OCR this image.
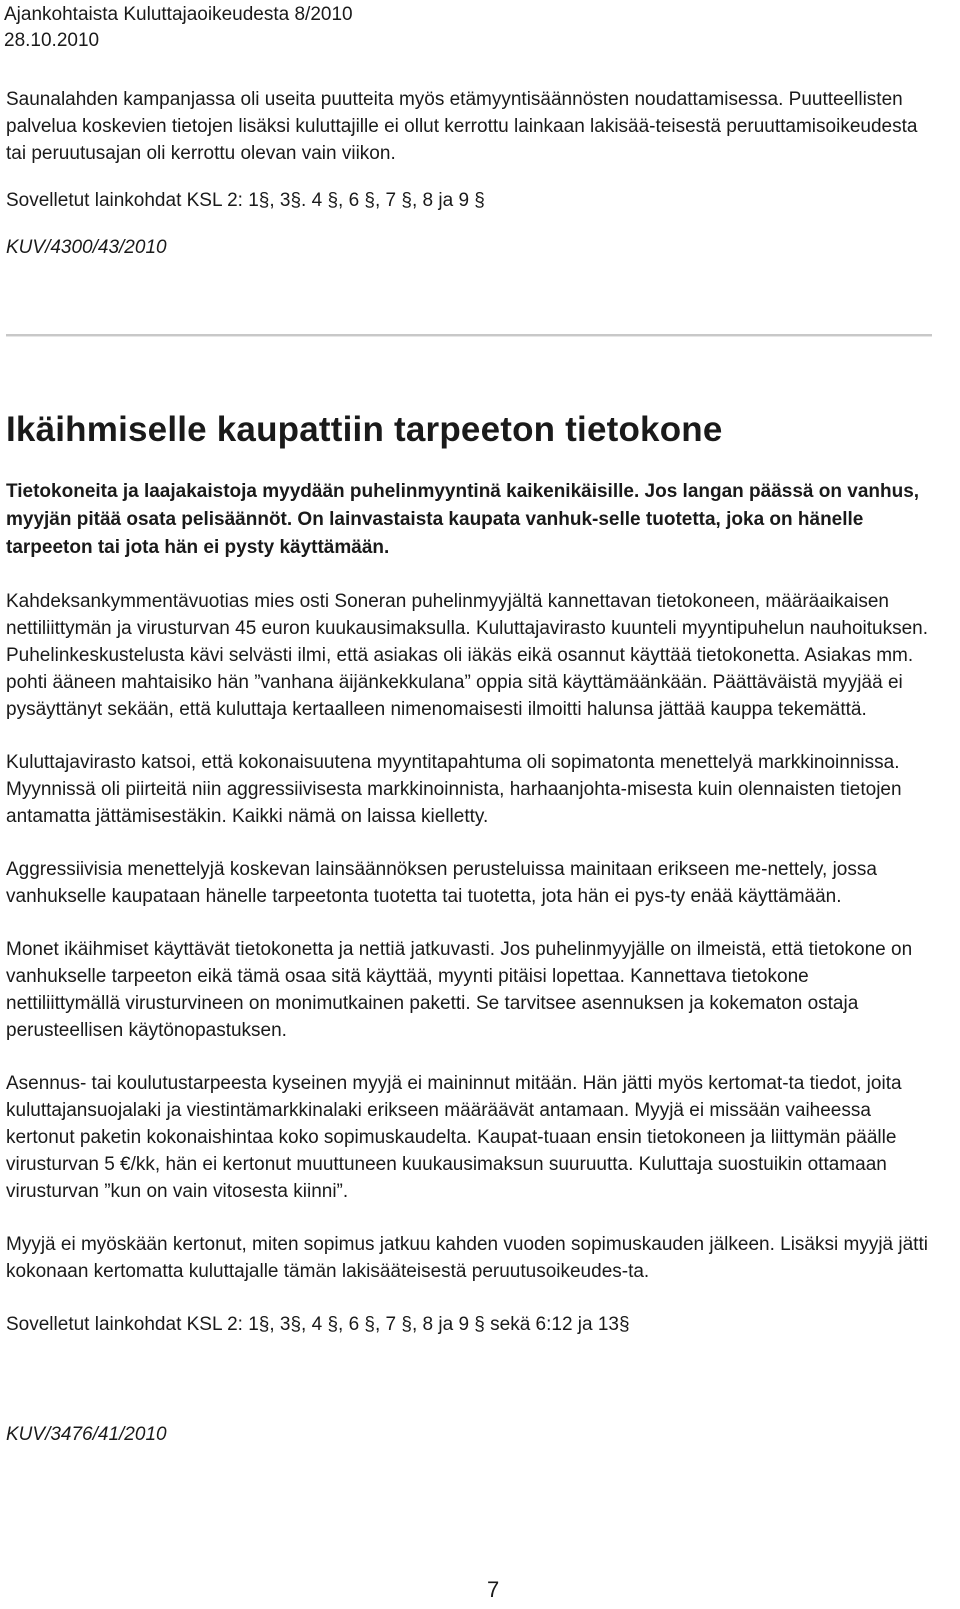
Ajankohtaista Kuluttajaoikeudesta 8/2010
28.10.2010

Saunalahden kampanjassa oli useita puutteita myös etämyyntisäännösten noudattamisessa. Puutteellisten palvelua koskevien tietojen lisäksi kuluttajille ei ollut kerrottu lainkaan lakisää-teisestä peruuttamisoikeudesta tai peruutusajan oli kerrottu olevan vain viikon.

Sovelletut lainkohdat KSL 2: 1§, 3§. 4 §, 6 §, 7 §, 8 ja 9 §

KUV/4300/43/2010

Ikäihmiselle kaupattiin tarpeeton tietokone

Tietokoneita ja laajakaistoja myydään puhelinmyyntinä kaikenikäisille. Jos langan päässä on vanhus, myyjän pitää osata pelisäännöt. On lainvastaista kaupata vanhuk-selle tuotetta, joka on hänelle tarpeeton tai jota hän ei pysty käyttämään.

Kahdeksankymmentävuotias mies osti Soneran puhelinmyyjältä kannettavan tietokoneen, määräaikaisen nettiliittymän ja virusturvan 45 euron kuukausimaksulla. Kuluttajavirasto kuunteli myyntipuhelun nauhoituksen. Puhelinkeskustelusta kävi selvästi ilmi, että asiakas oli iäkäs eikä osannut käyttää tietokonetta. Asiakas mm. pohti ääneen mahtaisiko hän ”vanhana äijänkekkulana” oppia sitä käyttämäänkään. Päättäväistä myyjää ei pysäyttänyt sekään, että kuluttaja kertaalleen nimenomaisesti ilmoitti halunsa jättää kauppa tekemättä.

Kuluttajavirasto katsoi, että kokonaisuutena myyntitapahtuma oli sopimatonta menettelyä markkinoinnissa. Myynnissä oli piirteitä niin aggressiivisesta markkinoinnista, harhaanjohta-misesta kuin olennaisten tietojen antamatta jättämisestäkin. Kaikki nämä on laissa kielletty.

Aggressiivisia menettelyjä koskevan lainsäännöksen perusteluissa mainitaan erikseen me-nettely, jossa vanhukselle kaupataan hänelle tarpeetonta tuotetta tai tuotetta, jota hän ei pys-ty enää käyttämään.

Monet ikäihmiset käyttävät tietokonetta ja nettiä jatkuvasti. Jos puhelinmyyjälle on ilmeistä, että tietokone on vanhukselle tarpeeton eikä tämä osaa sitä käyttää, myynti pitäisi lopettaa. Kannettava tietokone nettiliittymällä virusturvineen on monimutkainen paketti. Se tarvitsee asennuksen ja kokematon ostaja perusteellisen käytönopastuksen.

Asennus- tai koulutustarpeesta kyseinen myyjä ei maininnut mitään. Hän jätti myös kertomat-ta tiedot, joita kuluttajansuojalaki ja viestintämarkkinalaki erikseen määräävät antamaan. Myyjä ei missään vaiheessa kertonut paketin kokonaishintaa koko sopimuskaudelta. Kaupat-tuaan ensin tietokoneen ja liittymän päälle virusturvan 5 €/kk, hän ei kertonut muuttuneen kuukausimaksun suuruutta. Kuluttaja suostuikin ottamaan virusturvan ”kun on vain vitosesta kiinni”.

Myyjä ei myöskään kertonut, miten sopimus jatkuu kahden vuoden sopimuskauden jälkeen. Lisäksi myyjä jätti kokonaan kertomatta kuluttajalle tämän lakisääteisestä peruutusoikeudes-ta.

Sovelletut lainkohdat KSL 2: 1§, 3§, 4 §, 6 §, 7 §, 8 ja 9 § sekä 6:12 ja 13§

KUV/3476/41/2010
7
